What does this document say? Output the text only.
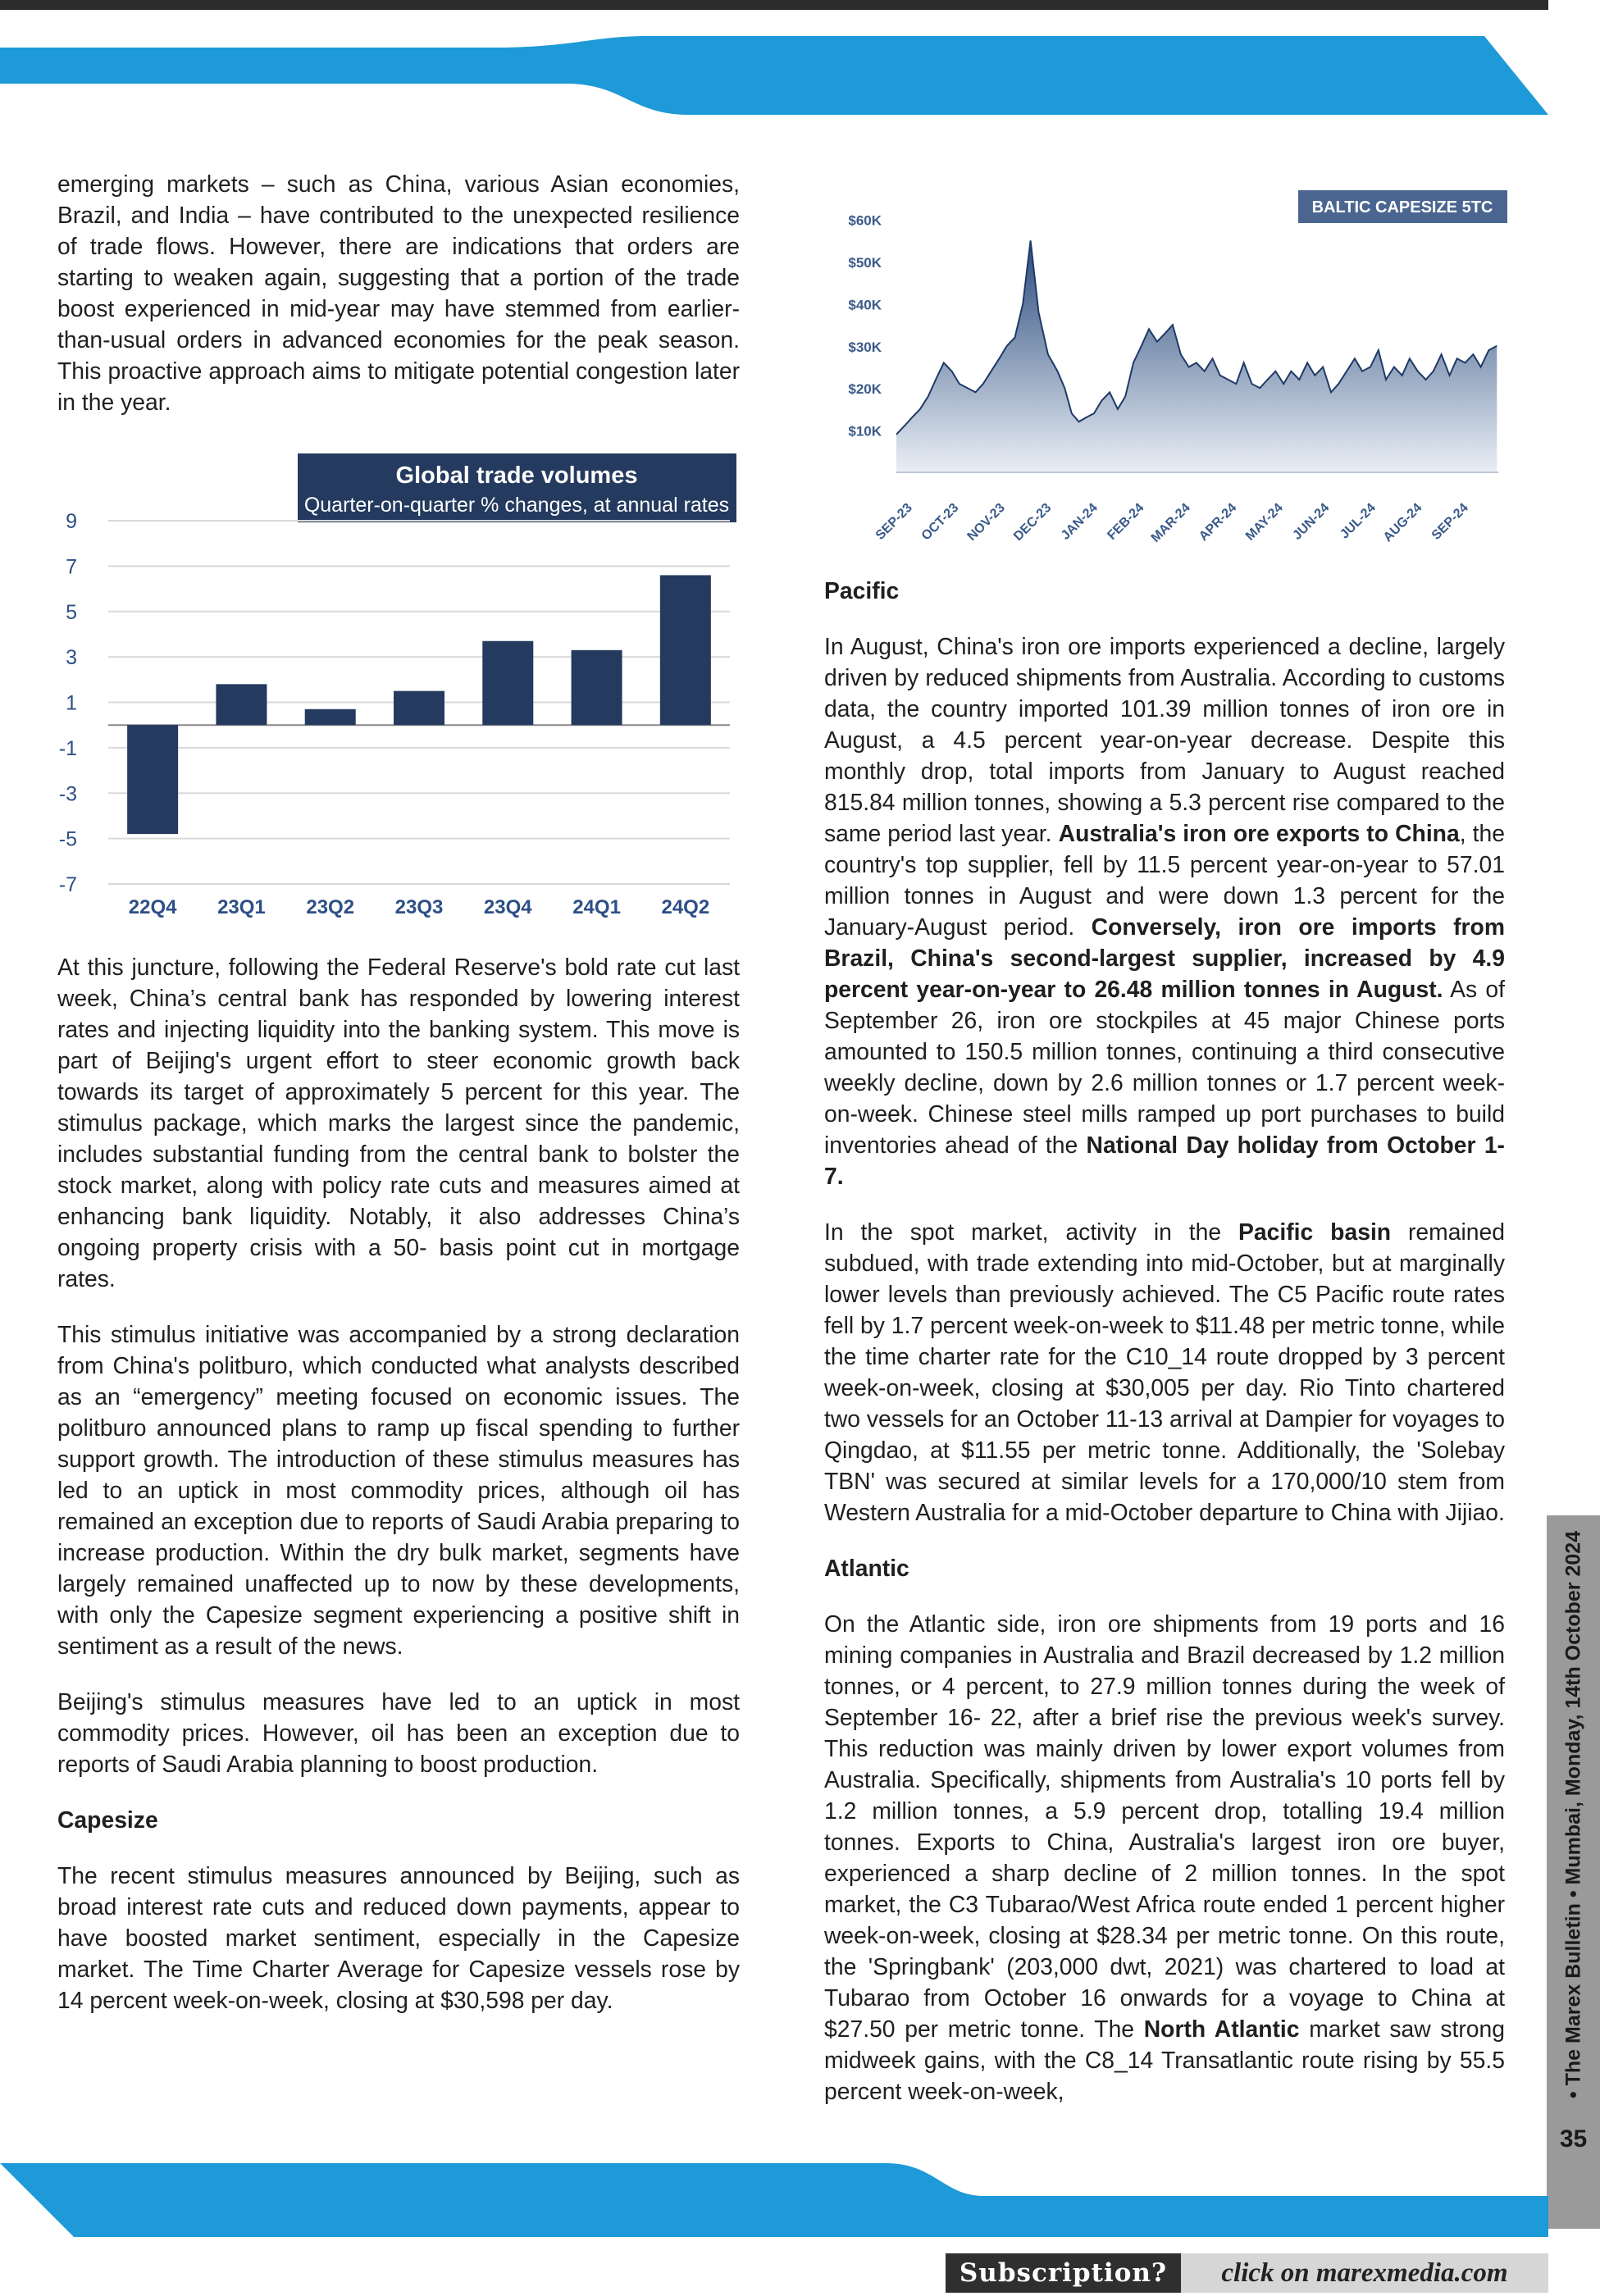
emerging markets – such as China, various Asian economies, Brazil, and India – have contributed to the unexpected resilience of trade flows. However, there are indications that orders are starting to weaken again, suggesting that a portion of the trade boost experienced in mid-year may have stemmed from earlier-than-usual orders in advanced economies for the peak season. This proactive approach aims to mitigate potential congestion later in the year.

Global trade volumes
Quarter-on-quarter % changes, at annual rates
9
7
5
3
1
-1
-3
-5
-7
22Q4 23Q1 23Q2 23Q3 23Q4 24Q1 24Q2

At this juncture, following the Federal Reserve's bold rate cut last week, China’s central bank has responded by lowering interest rates and injecting liquidity into the banking system. This move is part of Beijing's urgent effort to steer economic growth back towards its target of approximately 5 percent for this year. The stimulus package, which marks the largest since the pandemic, includes substantial funding from the central bank to bolster the stock market, along with policy rate cuts and measures aimed at enhancing bank liquidity. Notably, it also addresses China’s ongoing property crisis with a 50- basis point cut in mortgage rates.

This stimulus initiative was accompanied by a strong declaration from China's politburo, which conducted what analysts described as an “emergency” meeting focused on economic issues. The politburo announced plans to ramp up fiscal spending to further support growth. The introduction of these stimulus measures has led to an uptick in most commodity prices, although oil has remained an exception due to reports of Saudi Arabia preparing to increase production. Within the dry bulk market, segments have largely remained unaffected up to now by these developments, with only the Capesize segment experiencing a positive shift in sentiment as a result of the news.

Beijing's stimulus measures have led to an uptick in most commodity prices. However, oil has been an exception due to reports of Saudi Arabia planning to boost production.

Capesize

The recent stimulus measures announced by Beijing, such as broad interest rate cuts and reduced down payments, appear to have boosted market sentiment, especially in the Capesize market. The Time Charter Average for Capesize vessels rose by 14 percent week-on-week, closing at $30,598 per day.

$10K
$20K
$30K
$40K
$50K
$60K
BALTIC CAPESIZE 5TC
SEP-23 OCT-23 NOV-23 DEC-23 JAN-24 FEB-24 MAR-24 APR-24 MAY-24 JUN-24 JUL-24 AUG-24 SEP-24
Pacific

In August, China's iron ore imports experienced a decline, largely driven by reduced shipments from Australia. According to customs data, the country imported 101.39 million tonnes of iron ore in August, a 4.5 percent year-on-year decrease. Despite this monthly drop, total imports from January to August reached 815.84 million tonnes, showing a 5.3 percent rise compared to the same period last year. Australia's iron ore exports to China, the country's top supplier, fell by 11.5 percent year-on-year to 57.01 million tonnes in August and were down 1.3 percent for the January-August period. Conversely, iron ore imports from Brazil, China's second-largest supplier, increased by 4.9 percent year-on-year to 26.48 million tonnes in August. As of September 26, iron ore stockpiles at 45 major Chinese ports amounted to 150.5 million tonnes, continuing a third consecutive weekly decline, down by 2.6 million tonnes or 1.7 percent week-on-week. Chinese steel mills ramped up port purchases to build inventories ahead of the National Day holiday from October 1-7.

In the spot market, activity in the Pacific basin remained subdued, with trade extending into mid-October, but at marginally lower levels than previously achieved. The C5 Pacific route rates fell by 1.7 percent week-on-week to $11.48 per metric tonne, while the time charter rate for the C10_14 route dropped by 3 percent week-on-week, closing at $30,005 per day. Rio Tinto chartered two vessels for an October 11-13 arrival at Dampier for voyages to Qingdao, at $11.55 per metric tonne. Additionally, the 'Solebay TBN' was secured at similar levels for a 170,000/10 stem from Western Australia for a mid-October departure to China with Jijiao.

Atlantic

On the Atlantic side, iron ore shipments from 19 ports and 16 mining companies in Australia and Brazil decreased by 1.2 million tonnes, or 4 percent, to 27.9 million tonnes during the week of September 16- 22, after a brief rise the previous week's survey. This reduction was mainly driven by lower export volumes from Australia. Specifically, shipments from Australia's 10 ports fell by 1.2 million tonnes, a 5.9 percent drop, totalling 19.4 million tonnes. Exports to China, Australia's largest iron ore buyer, experienced a sharp decline of 2 million tonnes. In the spot market, the C3 Tubarao/West Africa route ended 1 percent higher week-on-week, closing at $28.34 per metric tonne. On this route, the 'Springbank' (203,000 dwt, 2021) was chartered to load at Tubarao from October 16 onwards for a voyage to China at $27.50 per metric tonne. The North Atlantic market saw strong midweek gains, with the C8_14 Transatlantic route rising by 55.5 percent week-on-week,	• The Marex Bulletin • Mumbai, Monday, 14th October 2024
35
Subscription?	click on marexmedia.com
